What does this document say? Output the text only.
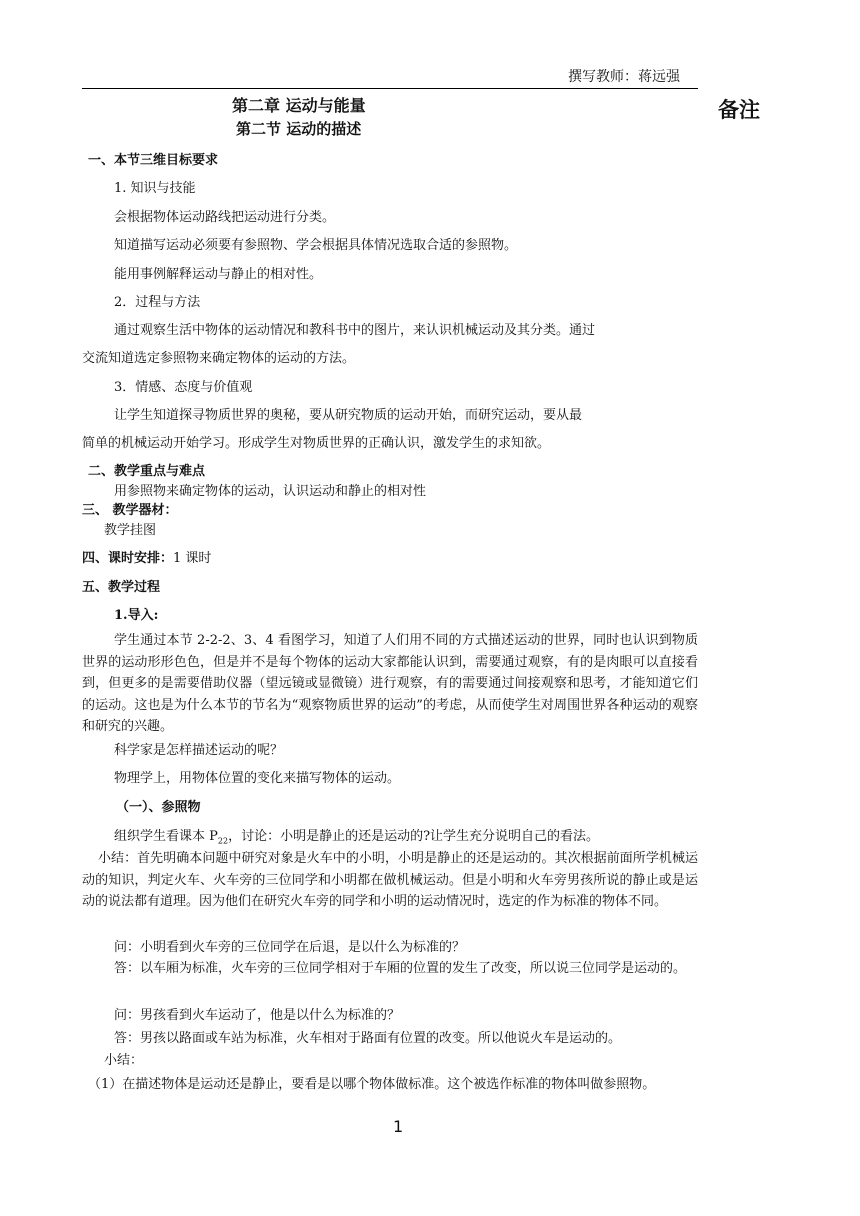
撰写教师：蒋远强
备注
第二章 运动与能量
第二节 运动的描述
一、本节三维目标要求
1. 知识与技能
会根据物体运动路线把运动进行分类。
知道描写运动必须要有参照物、学会根据具体情况选取合适的参照物。
能用事例解释运动与静止的相对性。
2．过程与方法
通过观察生活中物体的运动情况和教科书中的图片，来认识机械运动及其分类。通过
交流知道选定参照物来确定物体的运动的方法。
3．情感、态度与价值观
让学生知道探寻物质世界的奥秘，要从研究物质的运动开始，而研究运动，要从最
简单的机械运动开始学习。形成学生对物质世界的正确认识，激发学生的求知欲。
二、教学重点与难点
用参照物来确定物体的运动，认识运动和静止的相对性
三、 教学器材：
教学挂图
四、课时安排：1 课时
五、教学过程
1.导入:
学生通过本节 2-2-2、3、4 看图学习，知道了人们用不同的方式描述运动的世界，同时也认识到物质世界的运动形形色色，但是并不是每个物体的运动大家都能认识到，需要通过观察，有的是肉眼可以直接看到，但更多的是需要借助仪器（望远镜或显微镜）进行观察，有的需要通过间接观察和思考，才能知道它们的运动。这也是为什么本节的节名为“观察物质世界的运动”的考虑，从而使学生对周围世界各种运动的观察和研究的兴趣。
科学家是怎样描述运动的呢？
物理学上，用物体位置的变化来描写物体的运动。
（一）、参照物
组织学生看课本 $P_{22}$，讨论：小明是静止的还是运动的?让学生充分说明自己的看法。
小结：首先明确本问题中研究对象是火车中的小明，小明是静止的还是运动的。其次根据前面所学机械运动的知识，判定火车、火车旁的三位同学和小明都在做机械运动。但是小明和火车旁男孩所说的静止或是运动的说法都有道理。因为他们在研究火车旁的同学和小明的运动情况时，选定的作为标准的物体不同。
问：小明看到火车旁的三位同学在后退，是以什么为标准的？
答：以车厢为标准，火车旁的三位同学相对于车厢的位置的发生了改变，所以说三位同学是运动的。
问：男孩看到火车运动了，他是以什么为标准的？
答：男孩以路面或车站为标准，火车相对于路面有位置的改变。所以他说火车是运动的。
小结：
（1）在描述物体是运动还是静止，要看是以哪个物体做标准。这个被选作标准的物体叫做参照物。
1
